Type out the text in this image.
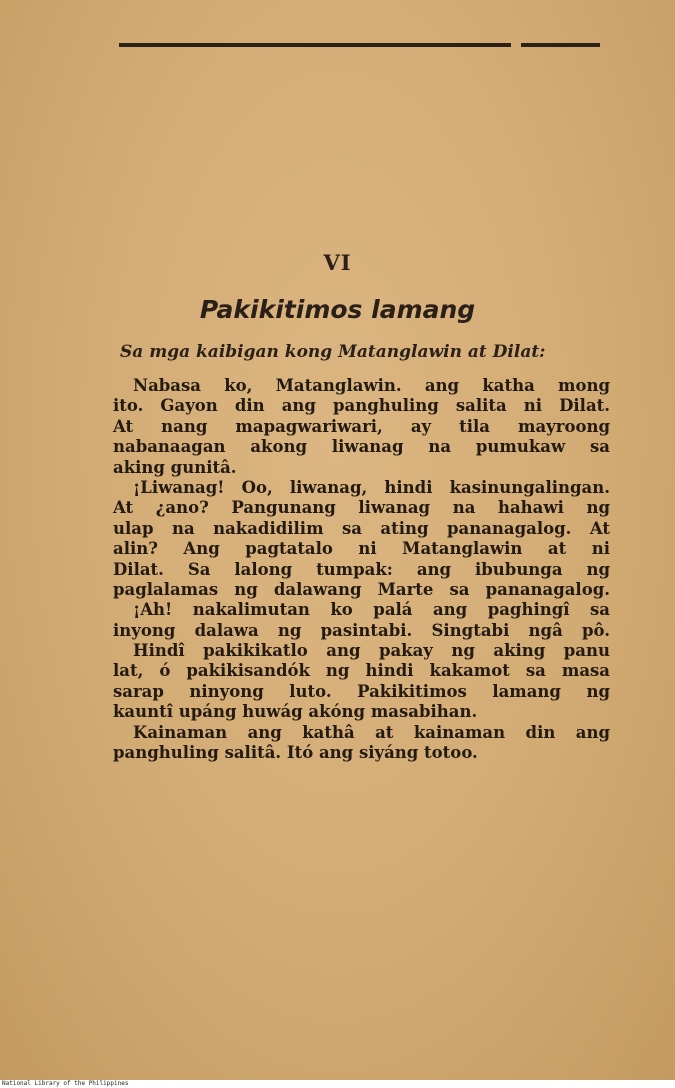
VI
Pakikitimos lamang
Sa mga kaibigan kong Matanglawin at Dilat:
Nabasa ko, Matanglawin. ang katha mong
ito. Gayon din ang panghuling salita ni Dilat.
At nang mapagwariwari, ay tila mayroong
nabanaagan akong liwanag na pumukaw sa
aking gunitâ.
¡Liwanag! Oo, liwanag, hindi kasinungalingan.
At ¿ano? Pangunang liwanag na hahawi ng
ulap na nakadidilim sa ating pananagalog. At
alin? Ang pagtatalo ni Matanglawin at ni
Dilat. Sa lalong tumpak: ang ibubunga ng
paglalamas ng dalawang Marte sa pananagalog.
¡Ah! nakalimutan ko palá ang paghingî sa
inyong dalawa ng pasintabi. Singtabi ngâ pô.
Hindî pakikikatlo ang pakay ng aking panu
lat, ó pakikisandók ng hindi kakamot sa masa
sarap ninyong luto. Pakikitimos lamang ng
kauntî upáng huwág akóng masabihan.
Kainaman ang kathâ at kainaman din ang
panghuling salitâ. Itó ang siyáng totoo.
National Library of the Philippines
